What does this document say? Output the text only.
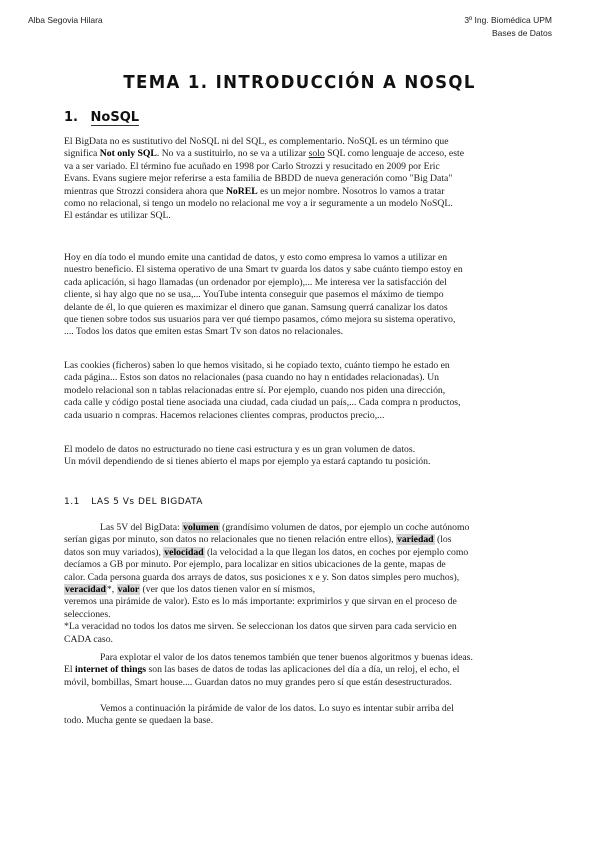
Alba Segovia Hilara	3º Ing. Biomédica UPM
Bases de Datos
TEMA 1. INTRODUCCIÓN A NOSQL
1. NoSQL
El BigData no es sustitutivo del NoSQL ni del SQL, es complementario. NoSQL es un término que
significa Not only SQL. No va a sustituirlo, no se va a utilizar solo SQL como lenguaje de acceso, este
va a ser variado. El término fue acuñado en 1998 por Carlo Strozzi y resucitado en 2009 por Eric
Evans. Evans sugiere mejor referirse a esta familia de BBDD de nueva generación como "Big Data"
mientras que Strozzi considera ahora que NoREL es un mejor nombre. Nosotros lo vamos a tratar
como no relacional, si tengo un modelo no relacional me voy a ir seguramente a un modelo NoSQL.
El estándar es utilizar SQL.
Hoy en día todo el mundo emite una cantidad de datos, y esto como empresa lo vamos a utilizar en
nuestro beneficio. El sistema operativo de una Smart tv guarda los datos y sabe cuánto tiempo estoy en
cada aplicación, si hago llamadas (un ordenador por ejemplo),... Me interesa ver la satisfacción del
cliente, si hay algo que no se usa,... YouTube intenta conseguir que pasemos el máximo de tiempo
delante de él, lo que quieren es maximizar el dinero que ganan. Samsung querrá canalizar los datos
que tienen sobre todos sus usuarios para ver qué tiempo pasamos, cómo mejora su sistema operativo,
.... Todos los datos que emiten estas Smart Tv son datos no relacionales.
Las cookies (ficheros) saben lo que hemos visitado, si he copiado texto, cuánto tiempo he estado en
cada página... Estos son datos no relacionales (pasa cuando no hay n entidades relacionadas). Un
modelo relacional son n tablas relacionadas entre sí. Por ejemplo, cuando nos piden una dirección,
cada calle y código postal tiene asociada una ciudad, cada ciudad un país,... Cada compra n productos,
cada usuario n compras. Hacemos relaciones clientes compras, productos precio,...
El modelo de datos no estructurado no tiene casi estructura y es un gran volumen de datos.
Un móvil dependiendo de si tienes abierto el maps por ejemplo ya estará captando tu posición.
1.1 LAS 5 Vs DEL BIGDATA
Las 5V del BigData: volumen (grandísimo volumen de datos, por ejemplo un coche autónomo
serían gigas por minuto, son datos no relacionales que no tienen relación entre ellos), variedad (los
datos son muy variados), velocidad (la velocidad a la que llegan los datos, en coches por ejemplo como
decíamos a GB por minuto. Por ejemplo, para localizar en sitios ubicaciones de la gente, mapas de
calor. Cada persona guarda dos arrays de datos, sus posiciones x e y. Son datos simples pero muchos),
veracidad*, valor (ver que los datos tienen valor en sí mismos,
veremos una pirámide de valor). Esto es lo más importante: exprimirlos y que sirvan en el proceso de
selecciones.
*La veracidad no todos los datos me sirven. Se seleccionan los datos que sirven para cada servicio en
CADA caso.
Para explotar el valor de los datos tenemos también que tener buenos algoritmos y buenas ideas.
El internet of things son las bases de datos de todas las aplicaciones del día a día, un reloj, el echo, el
móvil, bombillas, Smart house.... Guardan datos no muy grandes pero sí que están desestructurados.
Vemos a continuación la pirámide de valor de los datos. Lo suyo es intentar subir arriba del
todo. Mucha gente se quedaen la base.
